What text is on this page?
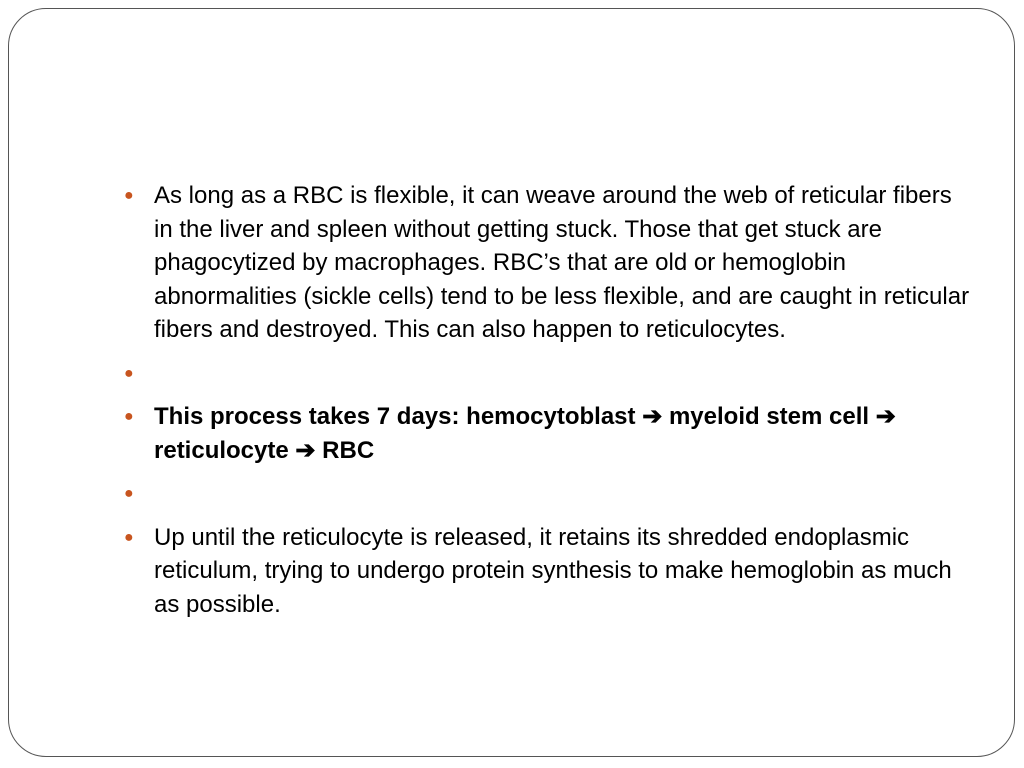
● As long as a RBC is flexible, it can weave around the web of reticular fibers in the liver and spleen without getting stuck. Those that get stuck are phagocytized by macrophages. RBC’s that are old or hemoglobin abnormalities (sickle cells) tend to be less flexible, and are caught in reticular fibers and destroyed. This can also happen to reticulocytes.
●
● This process takes 7 days: hemocytoblast ➔ myeloid stem cell ➔ reticulocyte ➔ RBC
●
● Up until the reticulocyte is released, it retains its shredded endoplasmic reticulum, trying to undergo protein synthesis to make hemoglobin as much as possible.
